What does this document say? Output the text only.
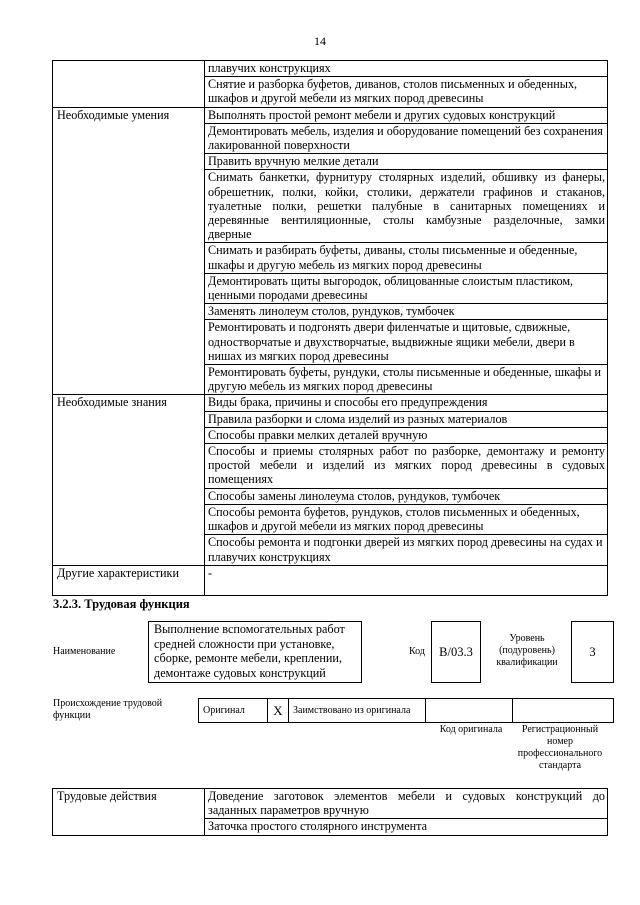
14
	плавучих конструкциях
	Снятие и разборка буфетов, диванов, столов письменных и обеденных, шкафов и другой мебели из мягких пород древесины
Необходимые умения	Выполнять простой ремонт мебели и других судовых конструкций
	Демонтировать мебель, изделия и оборудование помещений без сохранения лакированной поверхности
	Править вручную мелкие детали
	Снимать банкетки, фурнитуру столярных изделий, обшивку из фанеры, обрешетник, полки, койки, столики, держатели графинов и стаканов, туалетные полки, решетки палубные в санитарных помещениях и деревянные вентиляционные, столы камбузные разделочные, замки дверные
	Снимать и разбирать буфеты, диваны, столы письменные и обеденные, шкафы и другую мебель из мягких пород древесины
	Демонтировать щиты выгородок, облицованные слоистым пластиком, ценными породами древесины
	Заменять линолеум столов, рундуков, тумбочек
	Ремонтировать и подгонять двери филенчатые и щитовые, сдвижные, одностворчатые и двухстворчатые, выдвижные ящики мебели, двери в нишах из мягких пород древесины
	Ремонтировать буфеты, рундуки, столы письменные и обеденные, шкафы и другую мебель из мягких пород древесины
Необходимые знания	Виды брака, причины и способы его предупреждения
	Правила разборки и слома изделий из разных материалов
	Способы правки мелких деталей вручную
	Способы и приемы столярных работ по разборке, демонтажу и ремонту простой мебели и изделий из мягких пород древесины в судовых помещениях
	Способы замены линолеума столов, рундуков, тумбочек
	Способы ремонта буфетов, рундуков, столов письменных и обеденных, шкафов и другой мебели из мягких пород древесины
	Способы ремонта и подгонки дверей из мягких пород древесины на судах и плавучих конструкциях
Другие характеристики	-
3.2.3. Трудовая функция
Наименование
Выполнение вспомогательных работ средней сложности при установке, сборке, ремонте мебели, креплении, демонтаже судовых конструкций
Код B/03.3
Уровень (подуровень) квалификации
3
Происхождение трудовой функции	Оригинал	X	Заимствовано из оригинала		
Код оригинала	Регистрационный номер профессионального стандарта
Трудовые действия	Доведение заготовок элементов мебели и судовых конструкций до заданных параметров вручную
Заточка простого столярного инструмента
